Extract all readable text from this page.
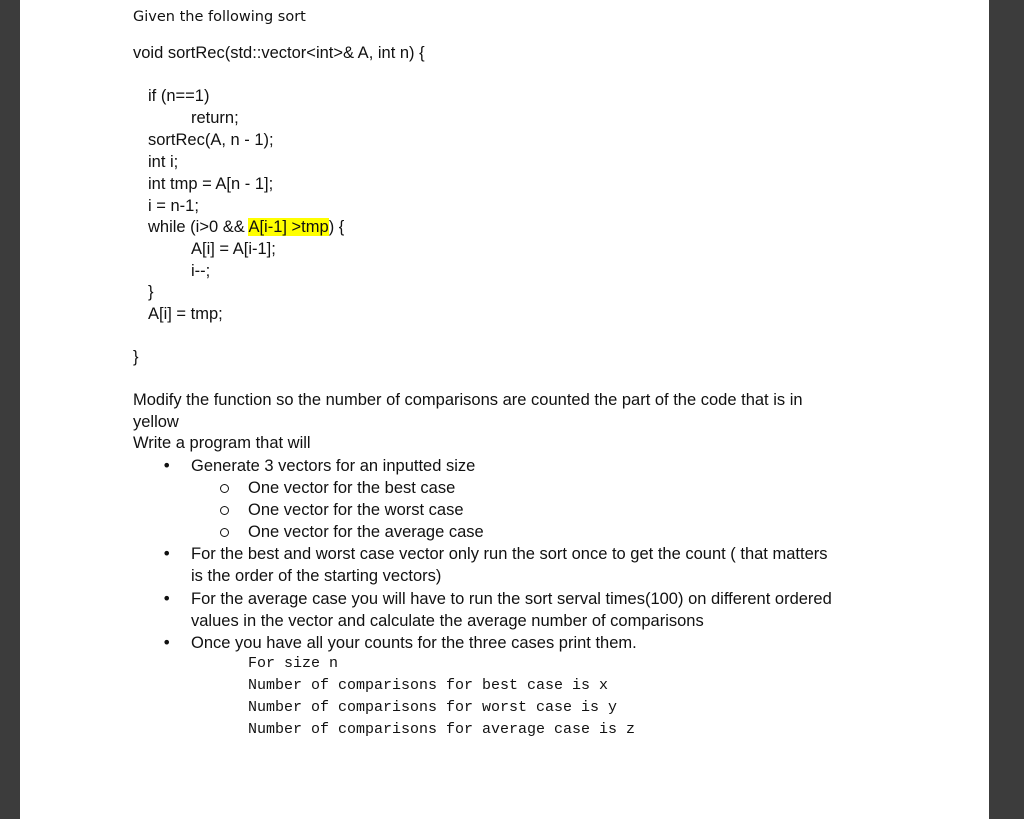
Given the following sort
void sortRec(std::vector<int>& A, int n) {
if (n==1)
return;
sortRec(A, n - 1);
int i;
int tmp = A[n - 1];
i = n-1;
while (i>0 && A[i-1] >tmp) {
A[i] = A[i-1];
i--;
}
A[i] = tmp;
}
Modify the function so the number of comparisons are counted the part of the code that is in
yellow
Write a program that will
• Generate 3 vectors for an inputted size
One vector for the best case
One vector for the worst case
One vector for the average case
• For the best and worst case vector only run the sort once to get the count ( that matters
is the order of the starting vectors)
• For the average case you will have to run the sort serval times(100) on different ordered
values in the vector and calculate the average number of comparisons
• Once you have all your counts for the three cases print them.
For size n
Number of comparisons for best case is x
Number of comparisons for worst case is y
Number of comparisons for average case is z
